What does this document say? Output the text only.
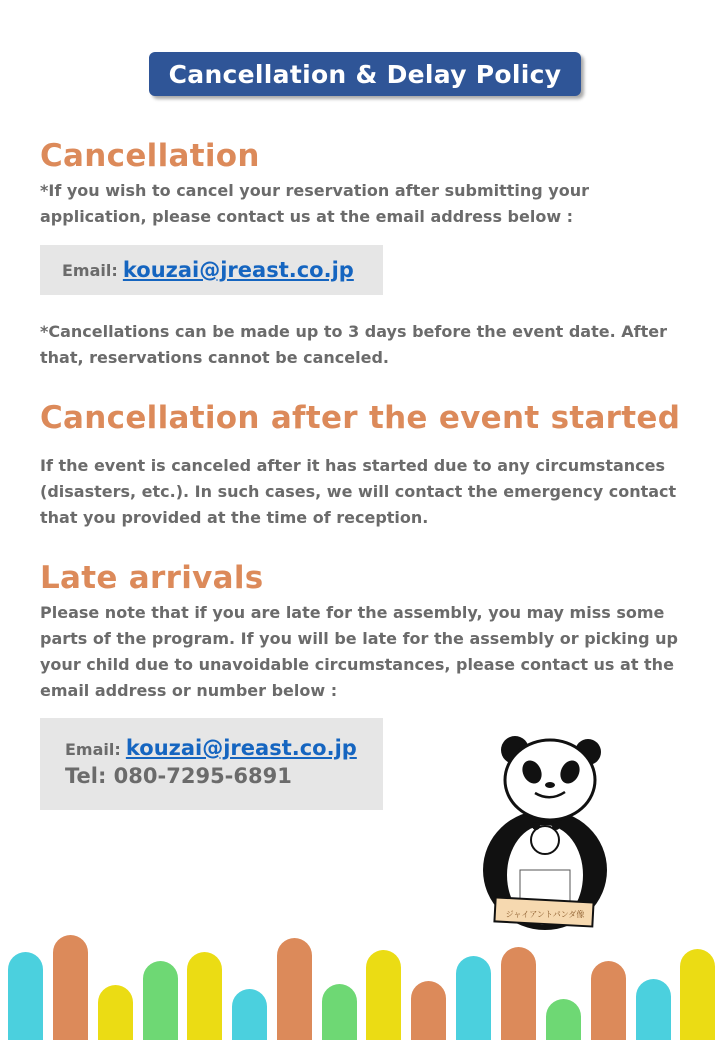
Cancellation & Delay Policy
Cancellation
*If you wish to cancel your reservation after submitting your application, please contact us at the email address below :
Email:
kouzai@jreast.co.jp
*Cancellations can be made up to 3 days before the event date. After that, reservations cannot be canceled.
Cancellation after the event started
If the event is canceled after it has started due to any circumstances (disasters, etc.). In such cases, we will contact the emergency contact that you provided at the time of reception.
Late arrivals
Please note that if you are late for the assembly, you may miss some parts of the program. If you will be late for the assembly or picking up your child due to unavoidable circumstances, please contact us at the email address or number below :
Email: kouzai@jreast.co.jp
Tel: 080-7295-6891
ジャイアントパンダ像
